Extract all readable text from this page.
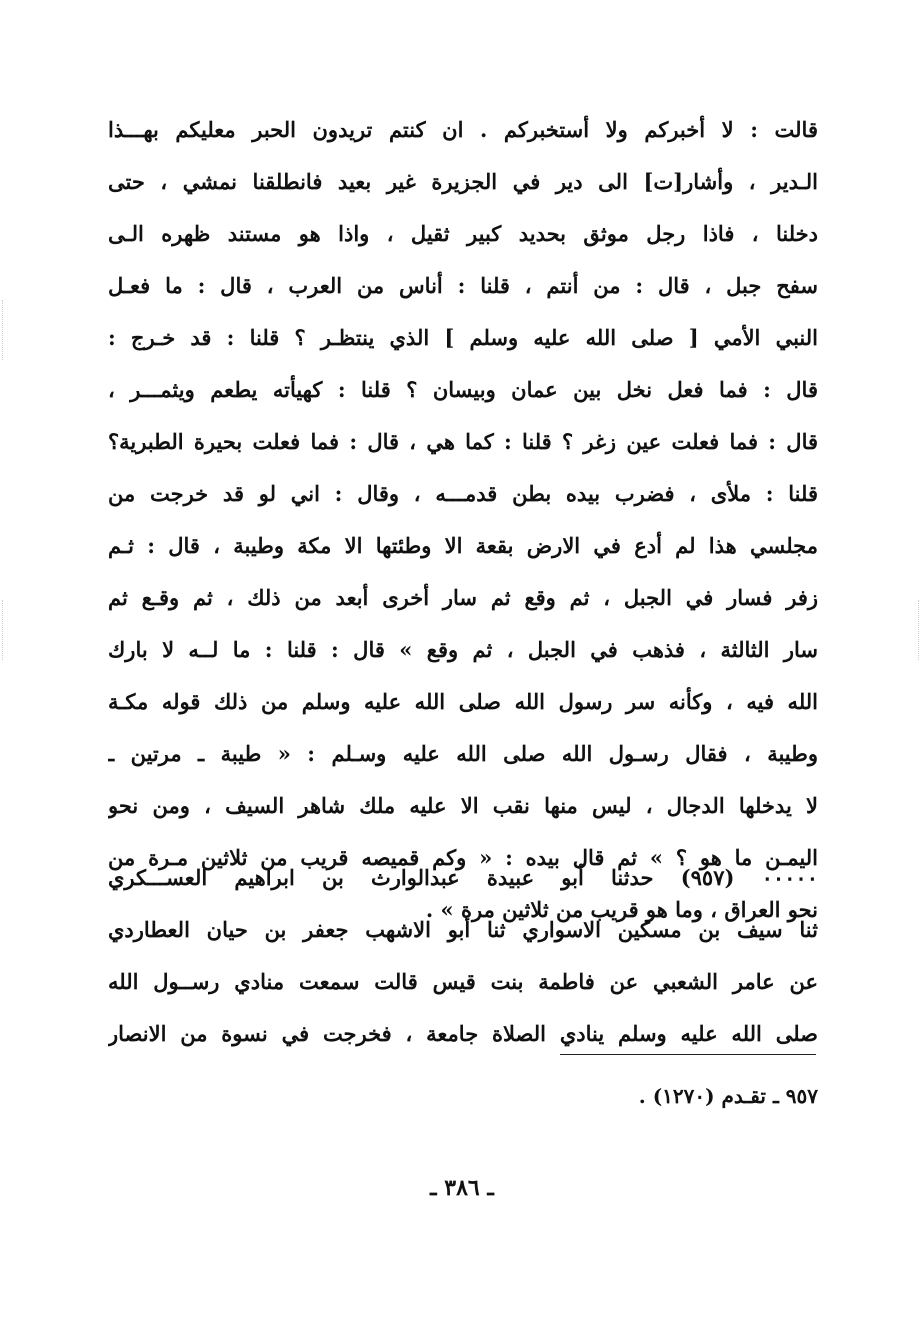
قالت : لا أخبركم ولا أستخبركم . ان كنتم تريدون الحبر معليكم بهـــذا
الـدير ، وأشار[ت] الى دير في الجزيرة غير بعيد فانطلقنا نمشي ، حتى
دخلنا ، فاذا رجل موثق بحديد كبير ثقيل ، واذا هو مستند ظهره الـى
سفح جبل ، قال : من أنتم ، قلنا : أناس من العرب ، قال : ما فعـل
النبي الأمي [ صلى الله عليه وسلم ] الذي ينتظـر ؟ قلنا : قد خـرج :
قال : فما فعل نخل بين عمان وبيسان ؟ قلنا : كهيأته يطعم ويثمـــر ،
قال : فما فعلت عين زغر ؟ قلنا : كما هي ، قال : فما فعلت بحيرة الطبرية؟
قلنا : ملأى ، فضرب بيده بطن قدمـــه ، وقال : اني لو قد خرجت من
مجلسي هذا لم أدع في الارض بقعة الا وطئتها الا مكة وطيبة ، قال : ثـم
زفر فسار في الجبل ، ثم وقع ثم سار أخرى أبعد من ذلك ، ثم وقـع ثم
سار الثالثة ، فذهب في الجبل ، ثم وقع » قال : قلنا : ما لــه لا بارك
الله فيه ، وكأنه سر رسول الله صلى الله عليه وسلم من ذلك قوله مكـة
وطيبة ، فقال رسـول الله صلى الله عليه وسـلم : « طيبة ـ مرتين ـ
لا يدخلها الدجال ، ليس منها نقب الا عليه ملك شاهر السيف ، ومن نحو
اليمـن ما هو ؟ » ثم قال بيده : « وكم قميصه قريب من ثلاثين مـرة من
نحو العراق ، وما هو قريب من ثلاثين مرة » .
٠٠٠٠٠ (٩٥٧) حدثنا أبو عبيدة عبدالوارث بن ابراهيم العســـكري
ثنا سيف بن مسكين الاسواري ثنا أبو الاشهب جعفر بن حيان العطاردي
عن عامر الشعبي عن فاطمة بنت قيس قالت سمعت منادي رســول الله
صلى الله عليه وسلم ينادي الصلاة جامعة ، فخرجت في نسوة من الانصار
٩٥٧ ـ تقـدم (١٢٧٠) .
ـ ٣٨٦ ـ
